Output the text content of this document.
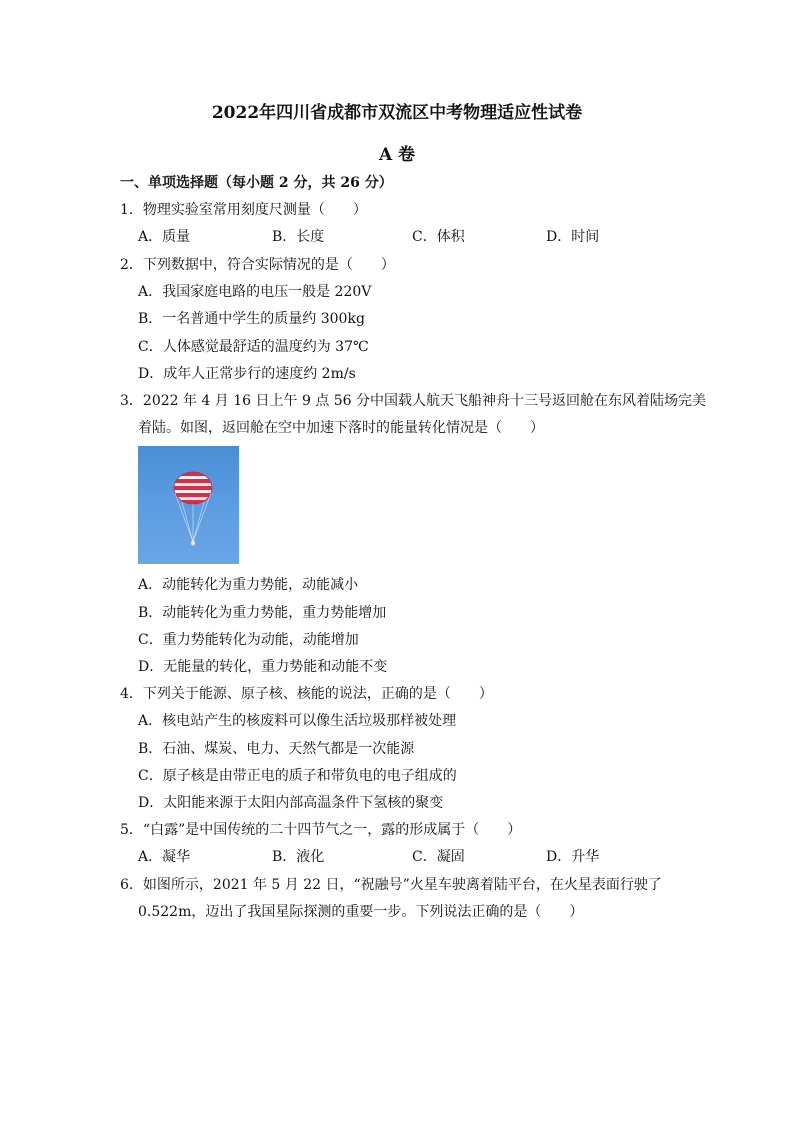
2022年四川省成都市双流区中考物理适应性试卷
A 卷
一、单项选择题（每小题 2 分，共 26 分）
1．物理实验室常用刻度尺测量（　　）
A．质量	B．长度	C．体积	D．时间
2．下列数据中，符合实际情况的是（　　）
A．我国家庭电路的电压一般是 220V
B．一名普通中学生的质量约 300kg
C．人体感觉最舒适的温度约为 37℃
D．成年人正常步行的速度约 2m/s
3．2022 年 4 月 16 日上午 9 点 56 分中国载人航天飞船神舟十三号返回舱在东风着陆场完美
着陆。如图，返回舱在空中加速下落时的能量转化情况是（　　）
A．动能转化为重力势能，动能减小
B．动能转化为重力势能，重力势能增加
C．重力势能转化为动能，动能增加
D．无能量的转化，重力势能和动能不变
4．下列关于能源、原子核、核能的说法，正确的是（　　）
A．核电站产生的核废料可以像生活垃圾那样被处理
B．石油、煤炭、电力、天然气都是一次能源
C．原子核是由带正电的质子和带负电的电子组成的
D．太阳能来源于太阳内部高温条件下氢核的聚变
5．“白露”是中国传统的二十四节气之一，露的形成属于（　　）
A．凝华	B．液化	C．凝固	D．升华
6．如图所示，2021 年 5 月 22 日，“祝融号”火星车驶离着陆平台，在火星表面行驶了
0.522m，迈出了我国星际探测的重要一步。下列说法正确的是（　　）
